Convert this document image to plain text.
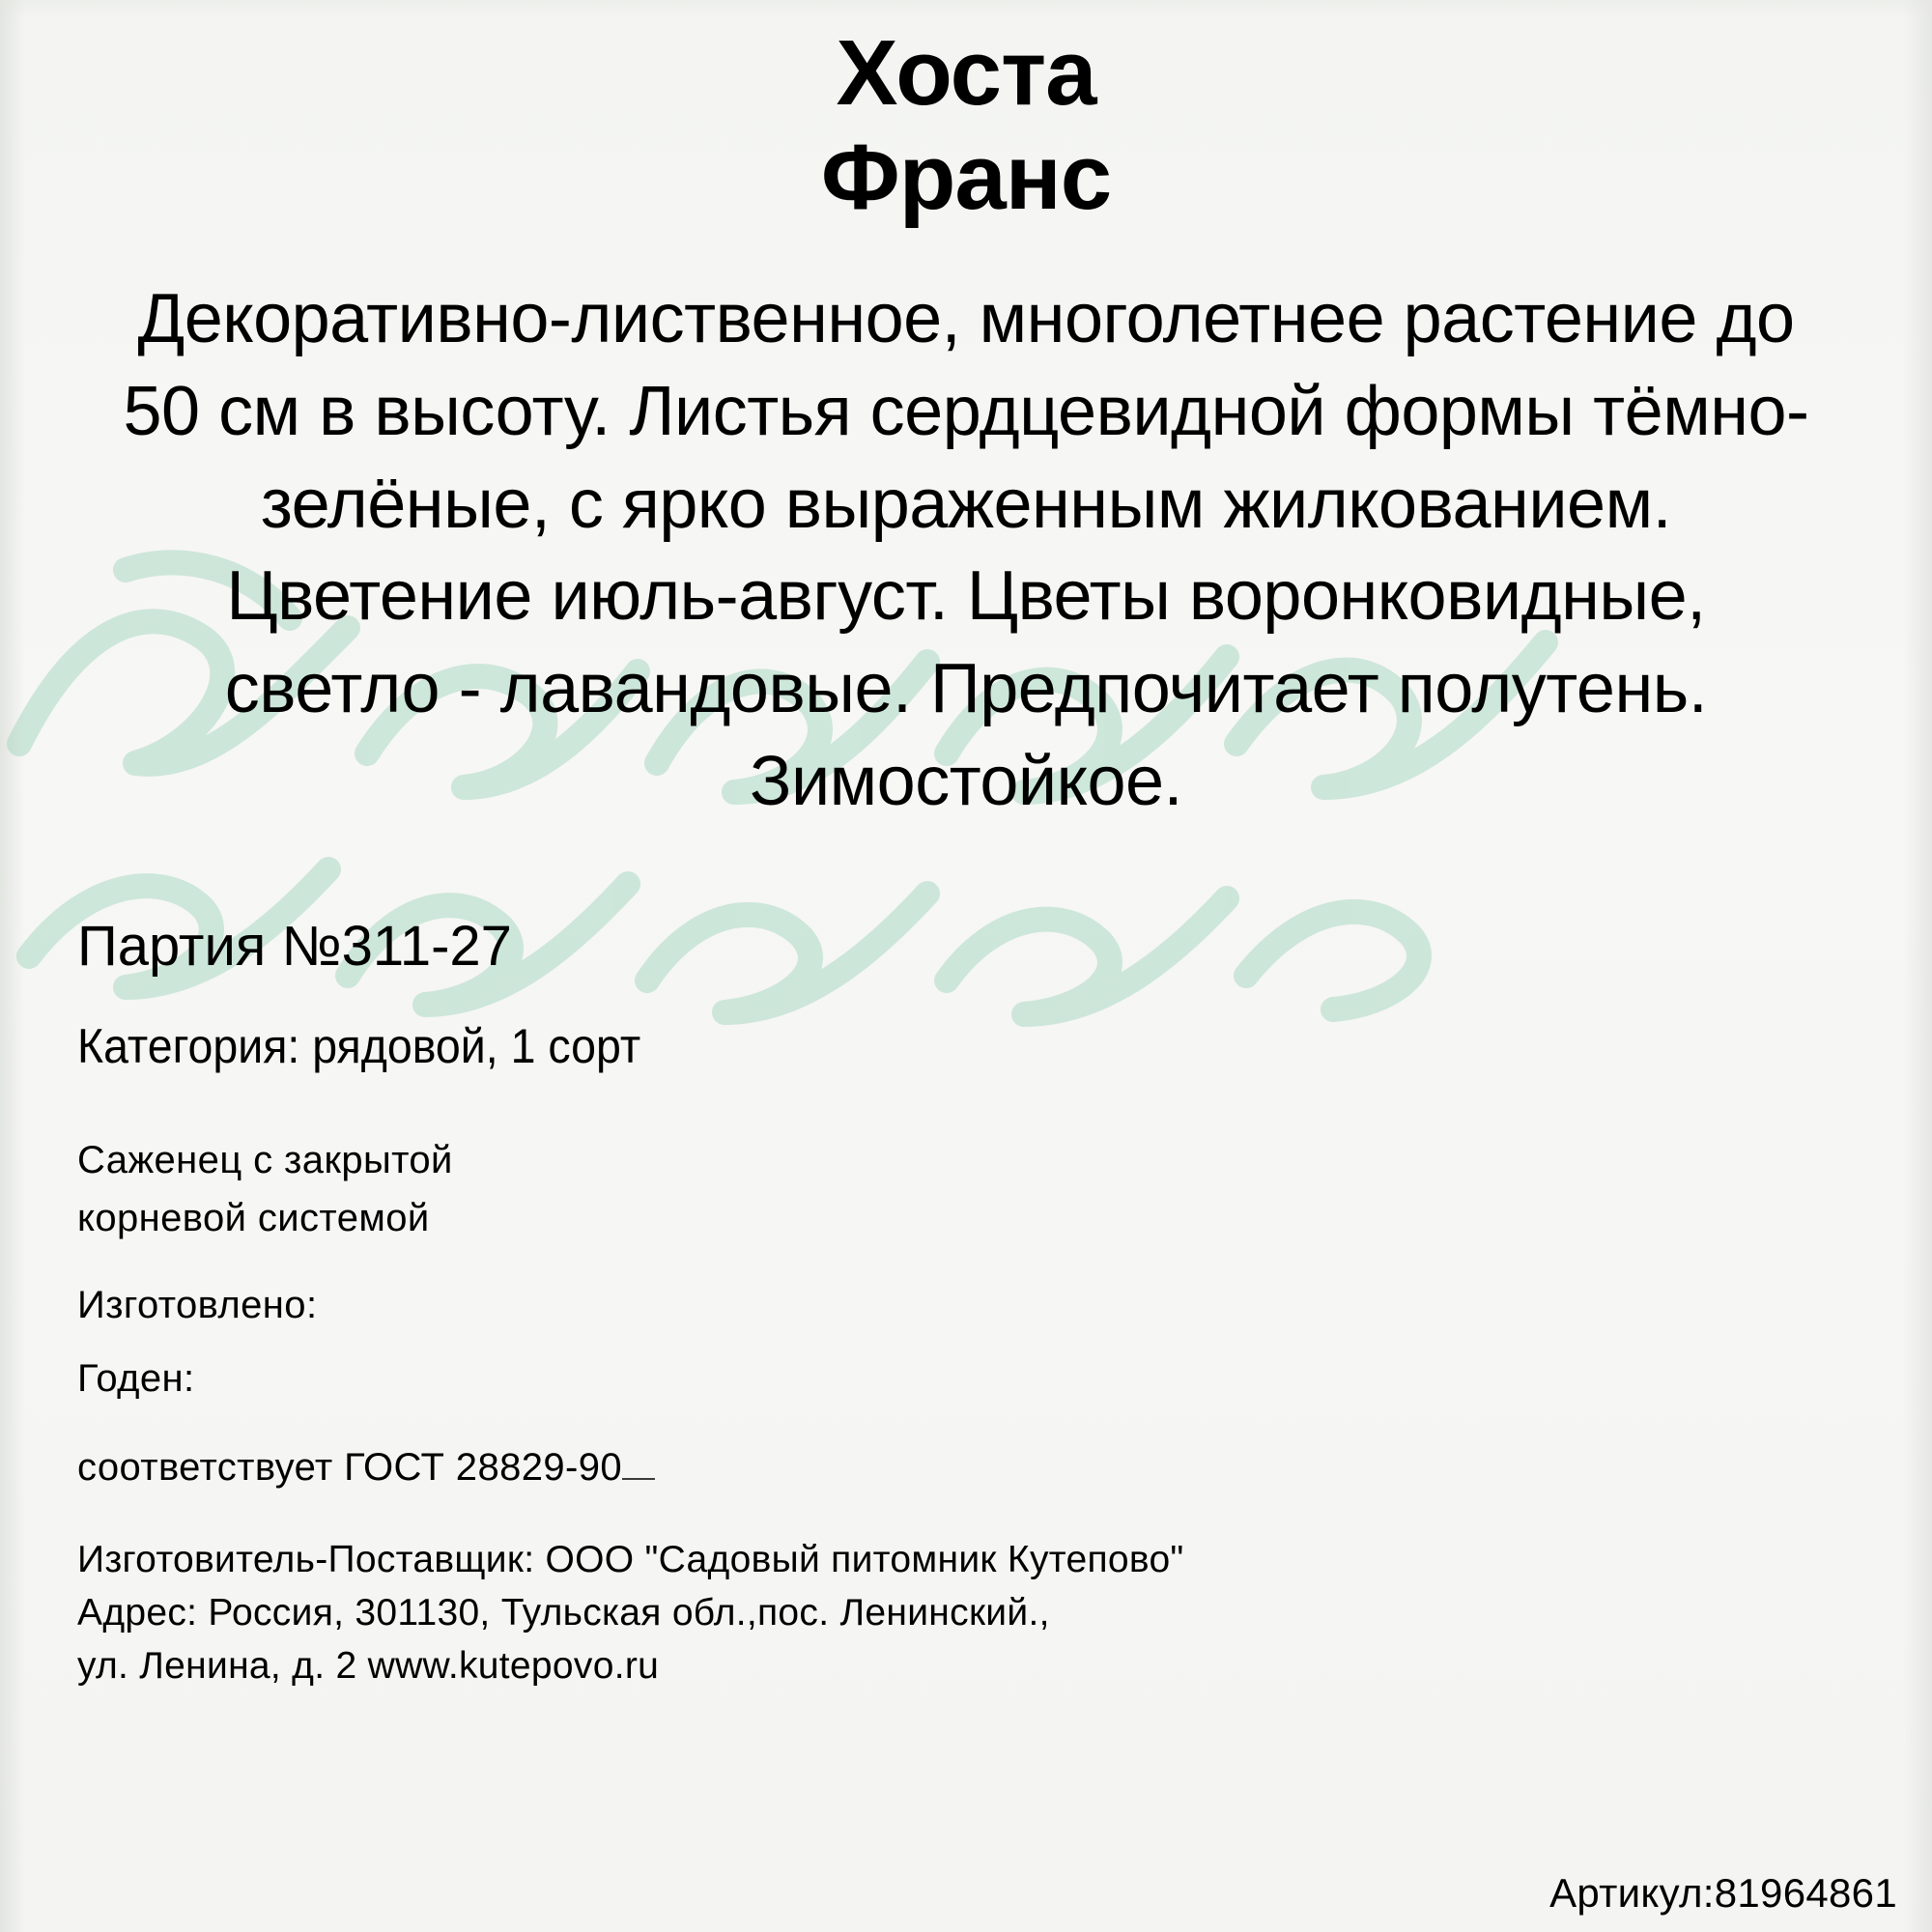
Хоста
Франс
Декоративно-лиственное, многолетнее растение до 50 см в высоту. Листья сердцевидной формы тёмно-зелёные, с ярко выраженным жилкованием. Цветение июль-август. Цветы воронковидные, светло - лавандовые. Предпочитает полутень. Зимостойкое.
Партия №311-27
Категория: рядовой, 1 сорт
Саженец с закрытой
корневой системой
Изготовлено:
Годен:
соответствует ГОСТ 28829-90
Изготовитель-Поставщик: ООО "Садовый питомник Кутепово"
Адрес: Россия, 301130, Тульская обл.,пос. Ленинский.,
ул. Ленина, д. 2 www.kutepovo.ru
Артикул:81964861
